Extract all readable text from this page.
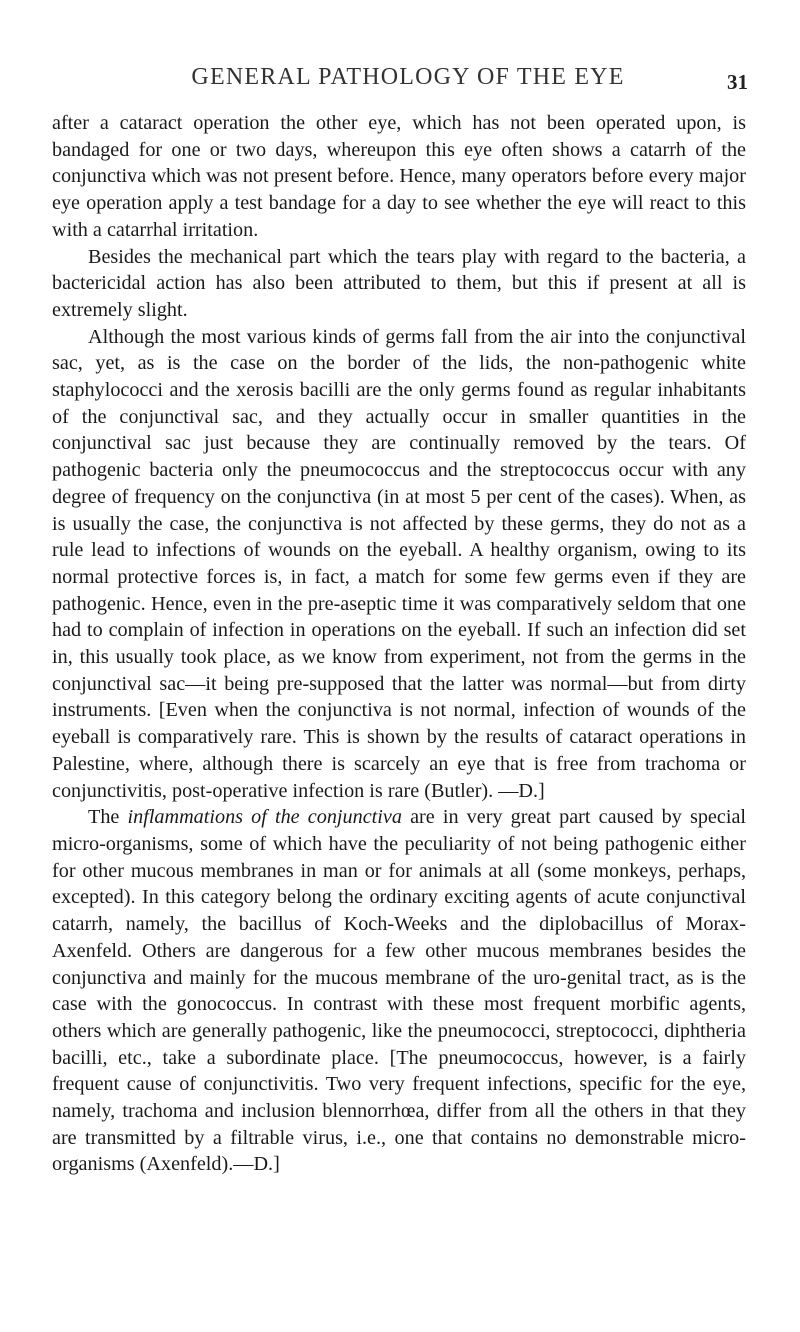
GENERAL PATHOLOGY OF THE EYE	31

after a cataract operation the other eye, which has not been operated upon, is bandaged for one or two days, whereupon this eye often shows a catarrh of the conjunctiva which was not present before. Hence, many operators before every major eye operation apply a test bandage for a day to see whether the eye will react to this with a catarrhal irritation.

Besides the mechanical part which the tears play with regard to the bacteria, a bactericidal action has also been attributed to them, but this if present at all is extremely slight.

Although the most various kinds of germs fall from the air into the conjunctival sac, yet, as is the case on the border of the lids, the non-pathogenic white staphylococci and the xerosis bacilli are the only germs found as regular inhabitants of the conjunctival sac, and they actually occur in smaller quantities in the conjunctival sac just because they are continually removed by the tears. Of pathogenic bacteria only the pneumococcus and the streptococcus occur with any degree of frequency on the conjunctiva (in at most 5 per cent of the cases). When, as is usually the case, the conjunctiva is not affected by these germs, they do not as a rule lead to infections of wounds on the eyeball. A healthy organism, owing to its normal protective forces is, in fact, a match for some few germs even if they are pathogenic. Hence, even in the pre-aseptic time it was comparatively seldom that one had to complain of infection in operations on the eyeball. If such an infection did set in, this usually took place, as we know from experiment, not from the germs in the conjunctival sac—it being pre-supposed that the latter was normal—but from dirty instruments. [Even when the conjunctiva is not normal, infection of wounds of the eyeball is comparatively rare. This is shown by the results of cataract operations in Palestine, where, although there is scarcely an eye that is free from trachoma or conjunctivitis, post-operative infection is rare (Butler). —D.]

The inflammations of the conjunctiva are in very great part caused by special micro-organisms, some of which have the peculiarity of not being pathogenic either for other mucous membranes in man or for animals at all (some monkeys, perhaps, excepted). In this category belong the ordinary exciting agents of acute conjunctival catarrh, namely, the bacillus of Koch-Weeks and the diplobacillus of Morax-Axenfeld. Others are dangerous for a few other mucous membranes besides the conjunctiva and mainly for the mucous membrane of the uro-genital tract, as is the case with the gonococcus. In contrast with these most frequent morbific agents, others which are generally pathogenic, like the pneumococci, streptococci, diphtheria bacilli, etc., take a subordinate place. [The pneumococcus, however, is a fairly frequent cause of conjunctivitis. Two very frequent infections, specific for the eye, namely, trachoma and inclusion blennorrhœa, differ from all the others in that they are transmitted by a filtrable virus, i.e., one that contains no demonstrable micro-organisms (Axenfeld).—D.]
